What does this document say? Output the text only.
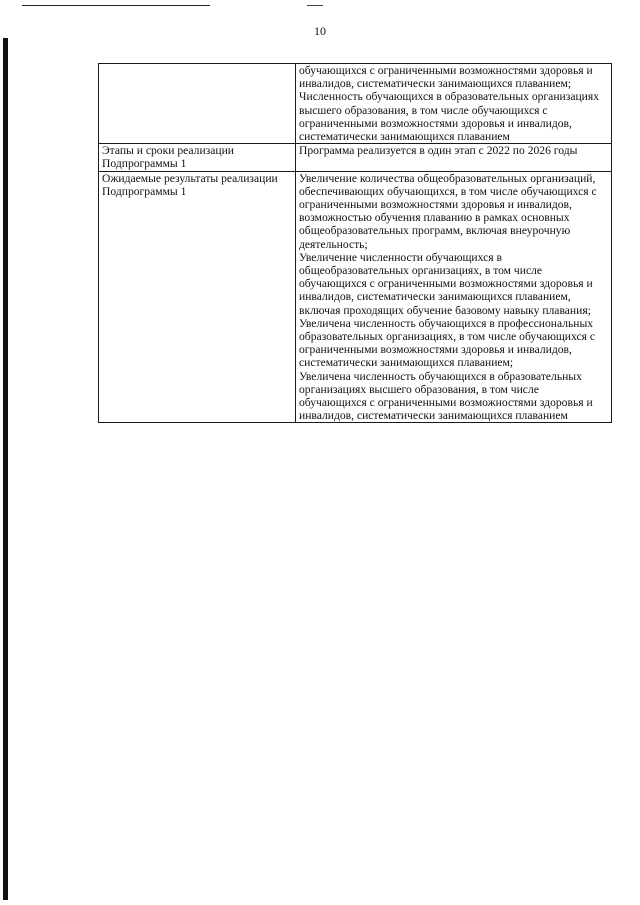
10

	обучающихся с ограниченными возможностями здоровья и инвалидов, систематически занимающихся плаванием;
Численность обучающихся в образовательных организациях высшего образования, в том числе обучающихся с ограниченными возможностями здоровья и инвалидов, систематически занимающихся плаванием

Этапы и сроки реализации Подпрограммы 1	Программа реализуется в один этап с 2022 по 2026 годы

Ожидаемые результаты реализации Подпрограммы 1	Увеличение количества общеобразовательных организаций, обеспечивающих обучающихся, в том числе обучающихся с ограниченными возможностями здоровья и инвалидов, возможностью обучения плаванию в рамках основных общеобразовательных программ, включая внеурочную деятельность;
Увеличение численности обучающихся в общеобразовательных организациях, в том числе обучающихся с ограниченными возможностями здоровья и инвалидов, систематически занимающихся плаванием, включая проходящих обучение базовому навыку плавания;
Увеличена численность обучающихся в профессиональных образовательных организациях, в том числе обучающихся с ограниченными возможностями здоровья и инвалидов, систематически занимающихся плаванием;
Увеличена численность обучающихся в образовательных организациях высшего образования, в том числе обучающихся с ограниченными возможностями здоровья и инвалидов, систематически занимающихся плаванием
